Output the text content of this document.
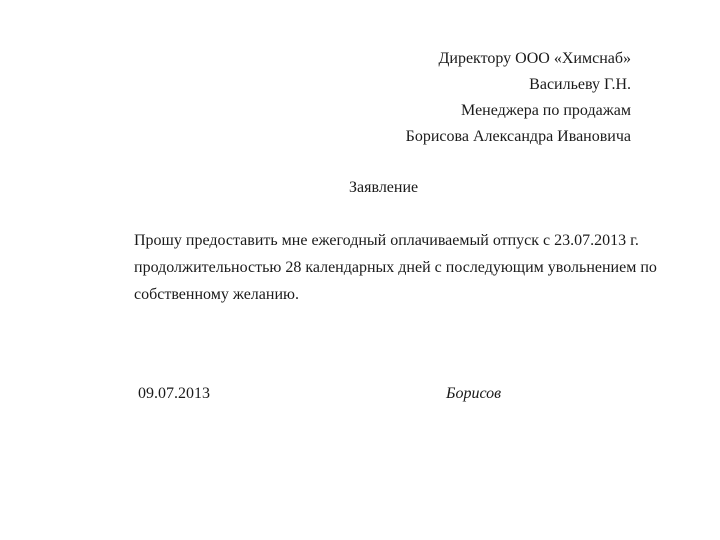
Директору ООО «Химснаб»
Васильеву Г.Н.
Менеджера по продажам
Борисова Александра Ивановича
Заявление
Прошу предоставить мне ежегодный оплачиваемый отпуск с 23.07.2013 г.
продолжительностью 28 календарных дней с последующим увольнением по
собственному желанию.
09.07.2013	Борисов
